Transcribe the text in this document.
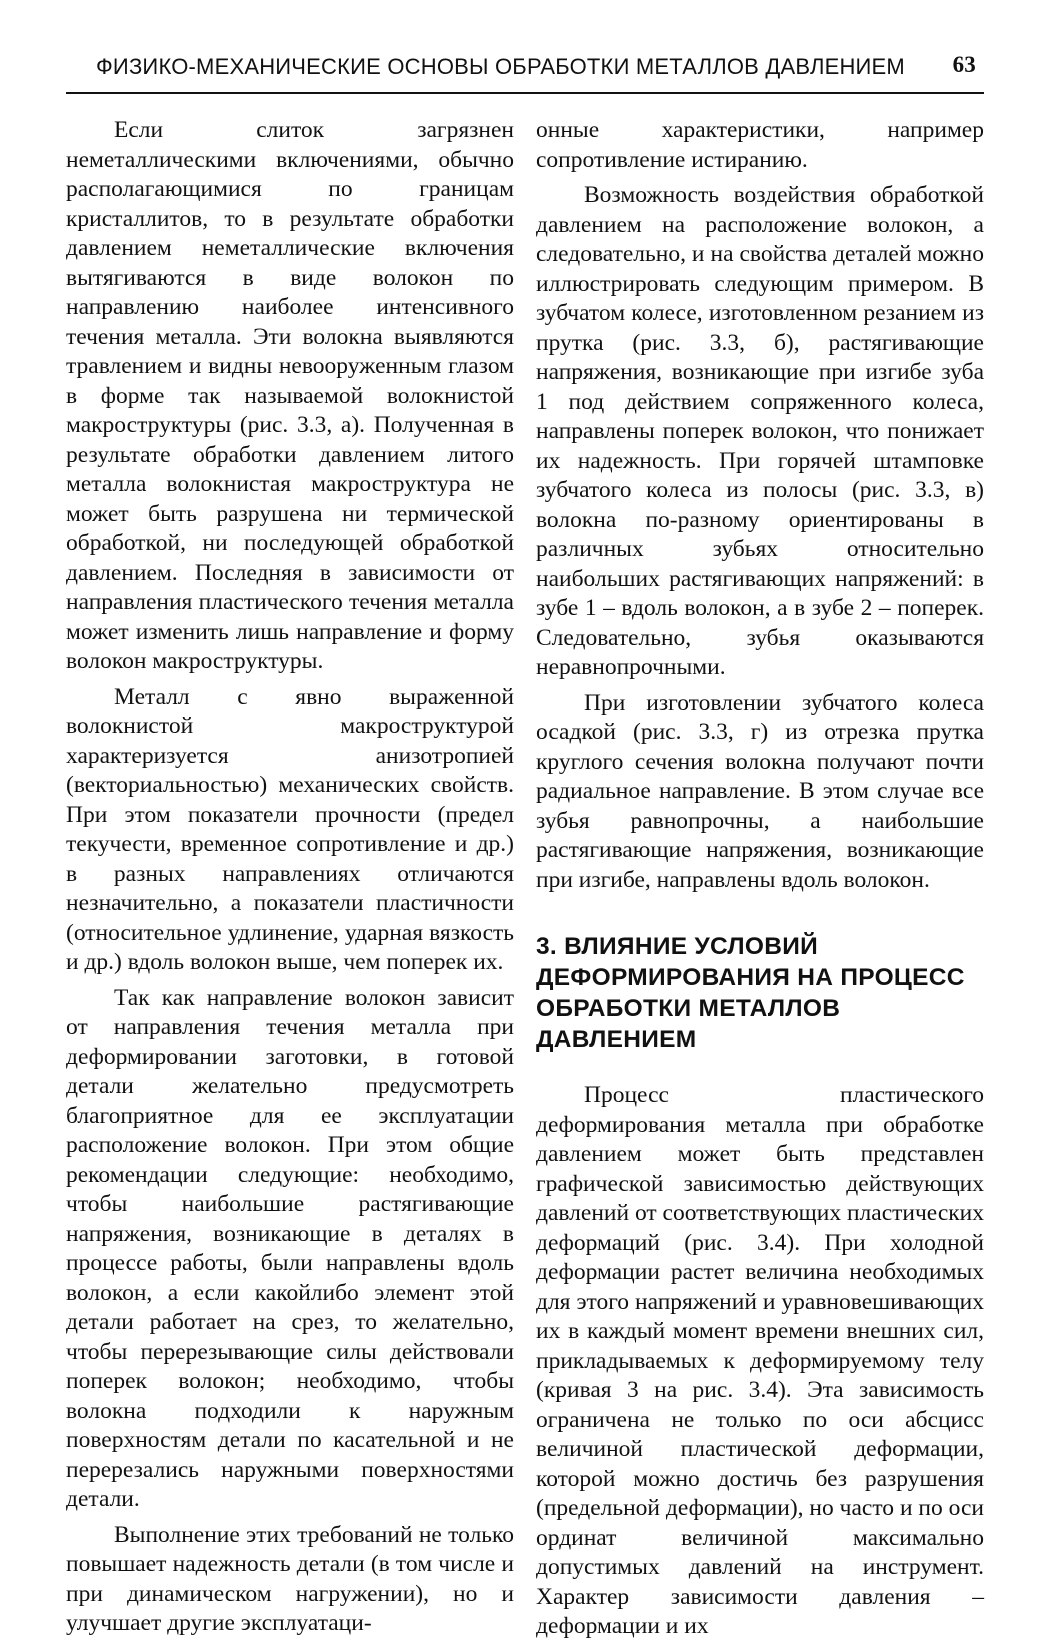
ФИЗИКО-МЕХАНИЧЕСКИЕ ОСНОВЫ ОБРАБОТКИ МЕТАЛЛОВ ДАВЛЕНИЕМ 63

Если слиток загрязнен неметаллическими включениями, обычно располагающимися по границам кристаллитов, то в результате обработки давлением неметаллические включения вытягиваются в виде волокон по направлению наиболее интенсивного течения металла. Эти волокна выявляются травлением и видны невооруженным глазом в форме так называемой волокнистой макроструктуры (рис. 3.3, а). Полученная в результате обработки давлением литого металла волокнистая макроструктура не может быть разрушена ни термической обработкой, ни последующей обработкой давлением. Последняя в зависимости от направления пластического течения металла может изменить лишь направление и форму волокон макроструктуры.

Металл с явно выраженной волокнистой макроструктурой характеризуется анизотропией (векториальностью) механических свойств. При этом показатели прочности (предел текучести, временное сопротивление и др.) в разных направлениях отличаются незначительно, а показатели пластичности (относительное удлинение, ударная вязкость и др.) вдоль волокон выше, чем поперек их.

Так как направление волокон зависит от направления течения металла при деформировании заготовки, в готовой детали желательно предусмотреть благоприятное для ее эксплуатации расположение волокон. При этом общие рекомендации следующие: необходимо, чтобы наибольшие растягивающие напряжения, возникающие в деталях в процессе работы, были направлены вдоль волокон, а если какойлибо элемент этой детали работает на срез, то желательно, чтобы перерезывающие силы действовали поперек волокон; необходимо, чтобы волокна подходили к наружным поверхностям детали по касательной и не перерезались наружными поверхностями детали.

Выполнение этих требований не только повышает надежность детали (в том числе и при динамическом нагружении), но и улучшает другие эксплуатаци-

онные характеристики, например сопротивление истиранию.

Возможность воздействия обработкой давлением на расположение волокон, а следовательно, и на свойства деталей можно иллюстрировать следующим примером. В зубчатом колесе, изготовленном резанием из прутка (рис. 3.3, б), растягивающие напряжения, возникающие при изгибе зуба 1 под действием сопряженного колеса, направлены поперек волокон, что понижает их надежность. При горячей штамповке зубчатого колеса из полосы (рис. 3.3, в) волокна по-разному ориентированы в различных зубьях относительно наибольших растягивающих напряжений: в зубе 1 – вдоль волокон, а в зубе 2 – поперек. Следовательно, зубья оказываются неравнопрочными.

При изготовлении зубчатого колеса осадкой (рис. 3.3, г) из отрезка прутка круглого сечения волокна получают почти радиальное направление. В этом случае все зубья равнопрочны, а наибольшие растягивающие напряжения, возникающие при изгибе, направлены вдоль волокон.

3. ВЛИЯНИЕ УСЛОВИЙ ДЕФОРМИРОВАНИЯ НА ПРОЦЕСС ОБРАБОТКИ МЕТАЛЛОВ ДАВЛЕНИЕМ

Процесс пластического деформирования металла при обработке давлением может быть представлен графической зависимостью действующих давлений от соответствующих пластических деформаций (рис. 3.4). При холодной деформации растет величина необходимых для этого напряжений и уравновешивающих их в каждый момент времени внешних сил, прикладываемых к деформируемому телу (кривая 3 на рис. 3.4). Эта зависимость ограничена не только по оси абсцисс величиной пластической деформации, которой можно достичь без разрушения (предельной деформации), но часто и по оси ординат величиной максимально допустимых давлений на инструмент. Характер зависимости давления – деформации и их
